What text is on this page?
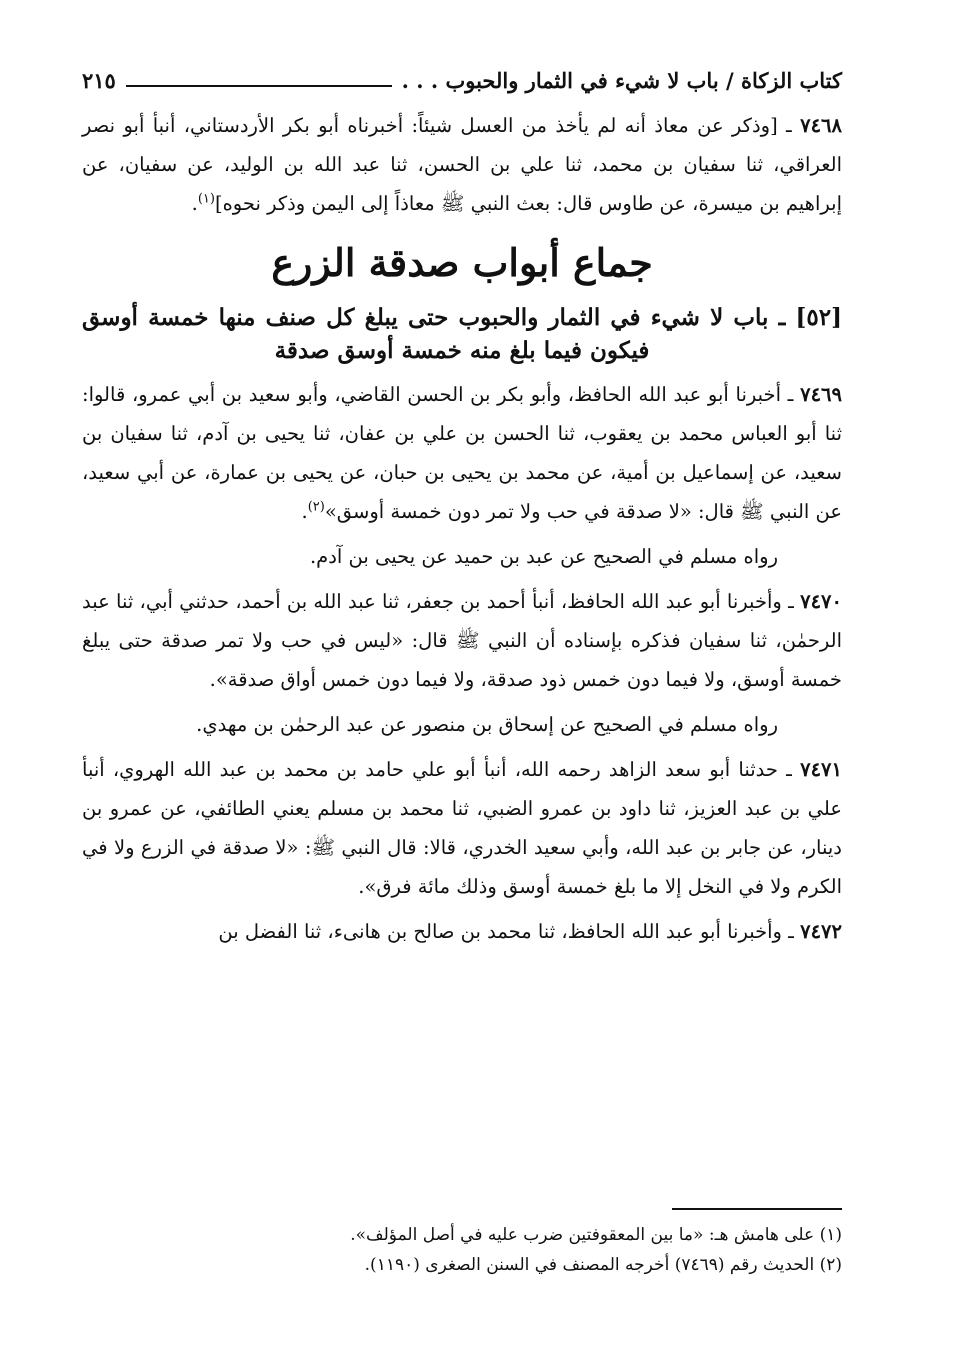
كتاب الزكاة / باب لا شيء في الثمار والحبوب . . .
٢١٥

٧٤٦٨ ـ [وذكر عن معاذ أنه لم يأخذ من العسل شيئاً: أخبرناه أبو بكر الأردستاني، أنبأ أبو نصر العراقي، ثنا سفيان بن محمد، ثنا علي بن الحسن، ثنا عبد الله بن الوليد، عن سفيان، عن إبراهيم بن ميسرة، عن طاوس قال: بعث النبي ﷺ معاذاً إلى اليمن وذكر نحوه]$^{(١)}$.

جماع أبواب صدقة الزرع
[٥٢] ـ باب لا شيء في الثمار والحبوب حتى يبلغ كل صنف منها خمسة أوسق
فيكون فيما بلغ منه خمسة أوسق صدقة

٧٤٦٩ ـ أخبرنا أبو عبد الله الحافظ، وأبو بكر بن الحسن القاضي، وأبو سعيد بن أبي عمرو، قالوا: ثنا أبو العباس محمد بن يعقوب، ثنا الحسن بن علي بن عفان، ثنا يحيى بن آدم، ثنا سفيان بن سعيد، عن إسماعيل بن أمية، عن محمد بن يحيى بن حبان، عن يحيى بن عمارة، عن أبي سعيد، عن النبي ﷺ قال: «لا صدقة في حب ولا تمر دون خمسة أوسق»$^{(٢)}$.

رواه مسلم في الصحيح عن عبد بن حميد عن يحيى بن آدم.

٧٤٧٠ ـ وأخبرنا أبو عبد الله الحافظ، أنبأ أحمد بن جعفر، ثنا عبد الله بن أحمد، حدثني أبي، ثنا عبد الرحمٰن، ثنا سفيان فذكره بإسناده أن النبي ﷺ قال: «ليس في حب ولا تمر صدقة حتى يبلغ خمسة أوسق، ولا فيما دون خمس ذود صدقة، ولا فيما دون خمس أواق صدقة».

رواه مسلم في الصحيح عن إسحاق بن منصور عن عبد الرحمٰن بن مهدي.

٧٤٧١ ـ حدثنا أبو سعد الزاهد رحمه الله، أنبأ أبو علي حامد بن محمد بن عبد الله الهروي، أنبأ علي بن عبد العزيز، ثنا داود بن عمرو الضبي، ثنا محمد بن مسلم يعني الطائفي، عن عمرو بن دينار، عن جابر بن عبد الله، وأبي سعيد الخدري، قالا: قال النبي ﷺ: «لا صدقة في الزرع ولا في الكرم ولا في النخل إلا ما بلغ خمسة أوسق وذلك مائة فرق».

٧٤٧٢ ـ وأخبرنا أبو عبد الله الحافظ، ثنا محمد بن صالح بن هانىء، ثنا الفضل بن

(١) على هامش هـ: «ما بين المعقوفتين ضرب عليه في أصل المؤلف».
(٢) الحديث رقم (٧٤٦٩) أخرجه المصنف في السنن الصغرى (١١٩٠).
